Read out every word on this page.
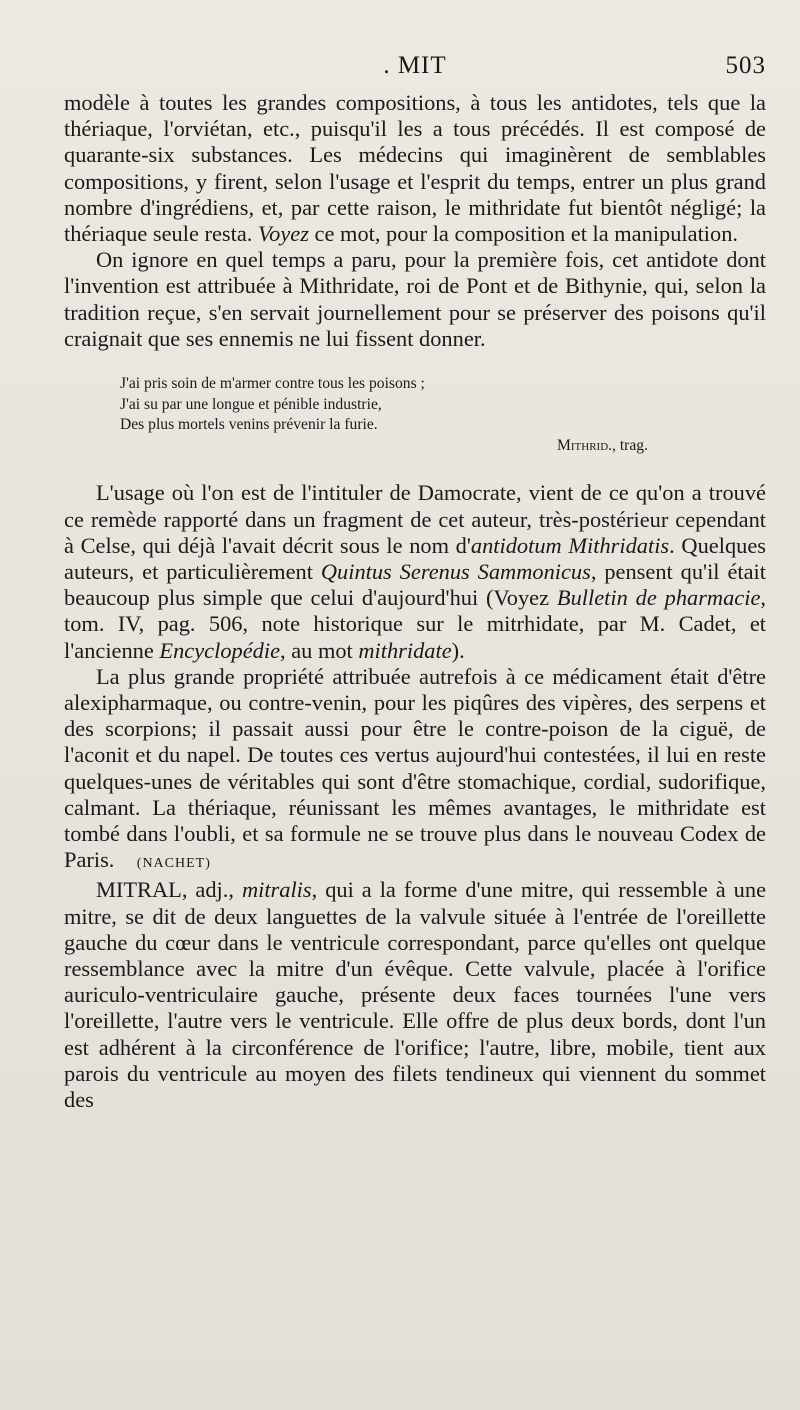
. MIT	503

modèle à toutes les grandes compositions, à tous les antidotes, tels que la thériaque, l'orviétan, etc., puisqu'il les a tous précédés. Il est composé de quarante-six substances. Les médecins qui imaginèrent de semblables compositions, y firent, selon l'usage et l'esprit du temps, entrer un plus grand nombre d'ingrédiens, et, par cette raison, le mithridate fut bientôt négligé; la thériaque seule resta. Voyez ce mot, pour la composition et la manipulation.

On ignore en quel temps a paru, pour la première fois, cet antidote dont l'invention est attribuée à Mithridate, roi de Pont et de Bithynie, qui, selon la tradition reçue, s'en servait journellement pour se préserver des poisons qu'il craignait que ses ennemis ne lui fissent donner.

J'ai pris soin de m'armer contre tous les poisons ;
J'ai su par une longue et pénible industrie,
Des plus mortels venins prévenir la furie.
Mithrid., trag.

L'usage où l'on est de l'intituler de Damocrate, vient de ce qu'on a trouvé ce remède rapporté dans un fragment de cet auteur, très-postérieur cependant à Celse, qui déjà l'avait décrit sous le nom d'antidotum Mithridatis. Quelques auteurs, et particulièrement Quintus Serenus Sammonicus, pensent qu'il était beaucoup plus simple que celui d'aujourd'hui (Voyez Bulletin de pharmacie, tom. IV, pag. 506, note historique sur le mitrhidate, par M. Cadet, et l'ancienne Encyclopédie, au mot mithridate).

La plus grande propriété attribuée autrefois à ce médicament était d'être alexipharmaque, ou contre-venin, pour les piqûres des vipères, des serpens et des scorpions; il passait aussi pour être le contre-poison de la ciguë, de l'aconit et du napel. De toutes ces vertus aujourd'hui contestées, il lui en reste quelques-unes de véritables qui sont d'être stomachique, cordial, sudorifique, calmant. La thériaque, réunissant les mêmes avantages, le mithridate est tombé dans l'oubli, et sa formule ne se trouve plus dans le nouveau Codex de Paris. (NACHET)

MITRAL, adj., mitralis, qui a la forme d'une mitre, qui ressemble à une mitre, se dit de deux languettes de la valvule située à l'entrée de l'oreillette gauche du cœur dans le ventricule correspondant, parce qu'elles ont quelque ressemblance avec la mitre d'un évêque. Cette valvule, placée à l'orifice auriculo-ventriculaire gauche, présente deux faces tournées l'une vers l'oreillette, l'autre vers le ventricule. Elle offre de plus deux bords, dont l'un est adhérent à la circonférence de l'orifice; l'autre, libre, mobile, tient aux parois du ventricule au moyen des filets tendineux qui viennent du sommet des
